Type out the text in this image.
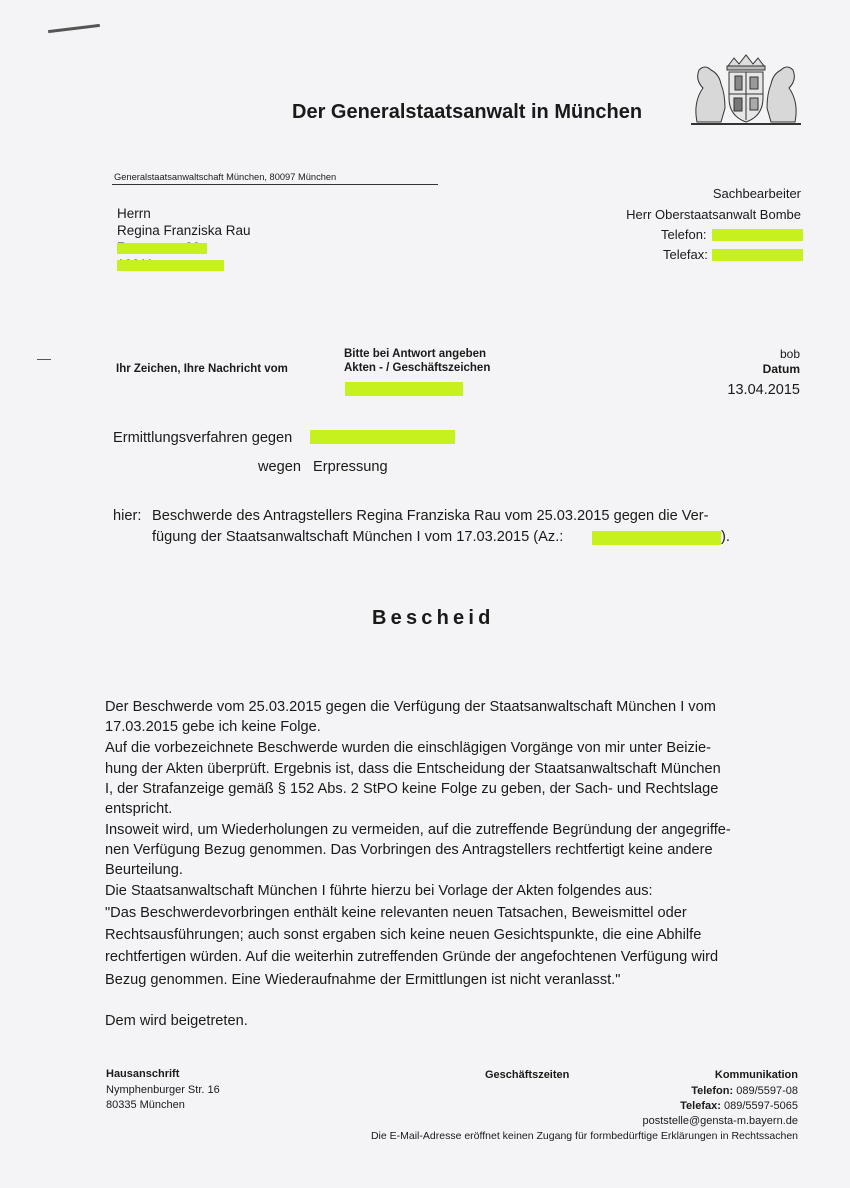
Der Generalstaatsanwalt in München
Generalstaatsanwaltschaft München, 80097 München
Herrn
Regina Franziska Rau
Sachbearbeiter
Herr Oberstaatsanwalt Bombe
Telefon:
Telefax:
Ihr Zeichen, Ihre Nachricht vom
Bitte bei Antwort angeben
Akten - / Geschäftszeichen
bob
Datum
13.04.2015
Ermittlungsverfahren gegen
wegen Erpressung
hier: Beschwerde des Antragstellers Regina Franziska Rau vom 25.03.2015 gegen die Ver-
fügung der Staatsanwaltschaft München I vom 17.03.2015 (Az.:	).
Bescheid
Der Beschwerde vom 25.03.2015 gegen die Verfügung der Staatsanwaltschaft München I vom
17.03.2015 gebe ich keine Folge.
Auf die vorbezeichnete Beschwerde wurden die einschlägigen Vorgänge von mir unter Beizie-
hung der Akten überprüft. Ergebnis ist, dass die Entscheidung der Staatsanwaltschaft München
I, der Strafanzeige gemäß § 152 Abs. 2 StPO keine Folge zu geben, der Sach- und Rechtslage
entspricht.
Insoweit wird, um Wiederholungen zu vermeiden, auf die zutreffende Begründung der angegriffe-
nen Verfügung Bezug genommen. Das Vorbringen des Antragstellers rechtfertigt keine andere
Beurteilung.
Die Staatsanwaltschaft München I führte hierzu bei Vorlage der Akten folgendes aus:
"Das Beschwerdevorbringen enthält keine relevanten neuen Tatsachen, Beweismittel oder
Rechtsausführungen; auch sonst ergaben sich keine neuen Gesichtspunkte, die eine Abhilfe
rechtfertigen würden. Auf die weiterhin zutreffenden Gründe der angefochtenen Verfügung wird
Bezug genommen. Eine Wiederaufnahme der Ermittlungen ist nicht veranlasst."
Dem wird beigetreten.
Hausanschrift
Nymphenburger Str. 16
80335 München
Geschäftszeiten	Kommunikation
Telefon: 089/5597-08
Telefax: 089/5597-5065
poststelle@gensta-m.bayern.de
Die E-Mail-Adresse eröffnet keinen Zugang für formbedürftige Erklärungen in Rechtssachen
